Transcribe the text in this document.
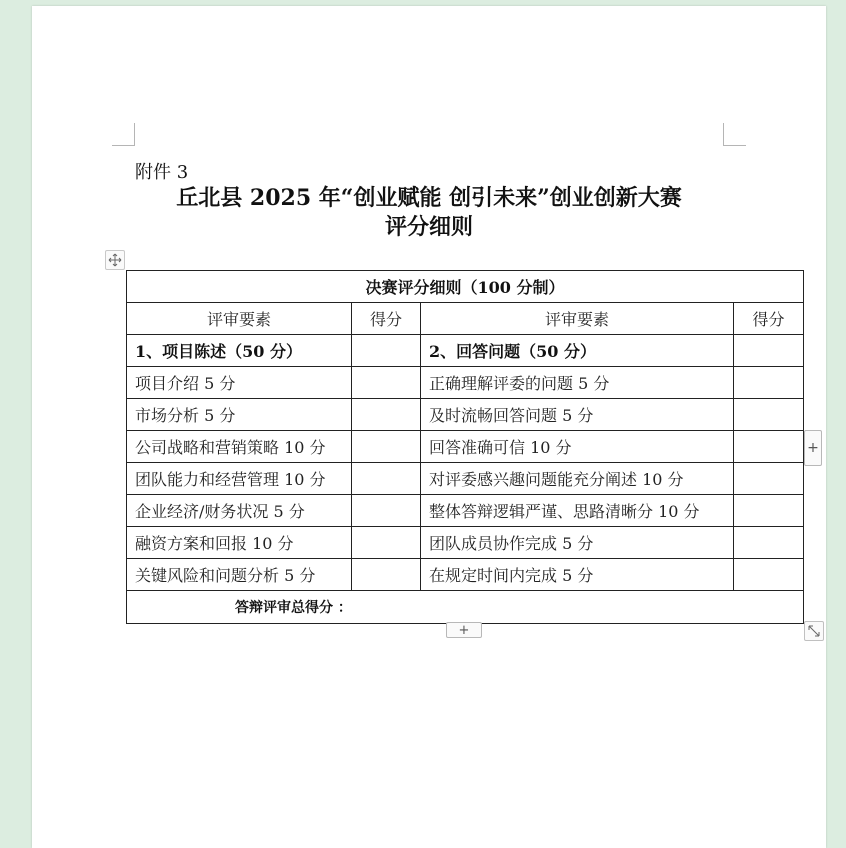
附件 3
丘北县 2025 年“创业赋能 创引未来”创业创新大赛
评分细则
决赛评分细则（100 分制）			
评审要素	得分	评审要素	得分
1、项目陈述（50 分）		2、回答问题（50 分）	
项目介绍 5 分		正确理解评委的问题 5 分	
市场分析 5 分		及时流畅回答问题 5 分	
公司战略和营销策略 10 分		回答准确可信 10 分	
团队能力和经营管理 10 分		对评委感兴趣问题能充分阐述 10 分	
企业经济/财务状况 5 分		整体答辩逻辑严谨、思路清晰分 10 分	
融资方案和回报 10 分		团队成员协作完成 5 分	
关键风险和问题分析 5 分		在规定时间内完成 5 分	
答辩评审总得分 ：			
+
+
